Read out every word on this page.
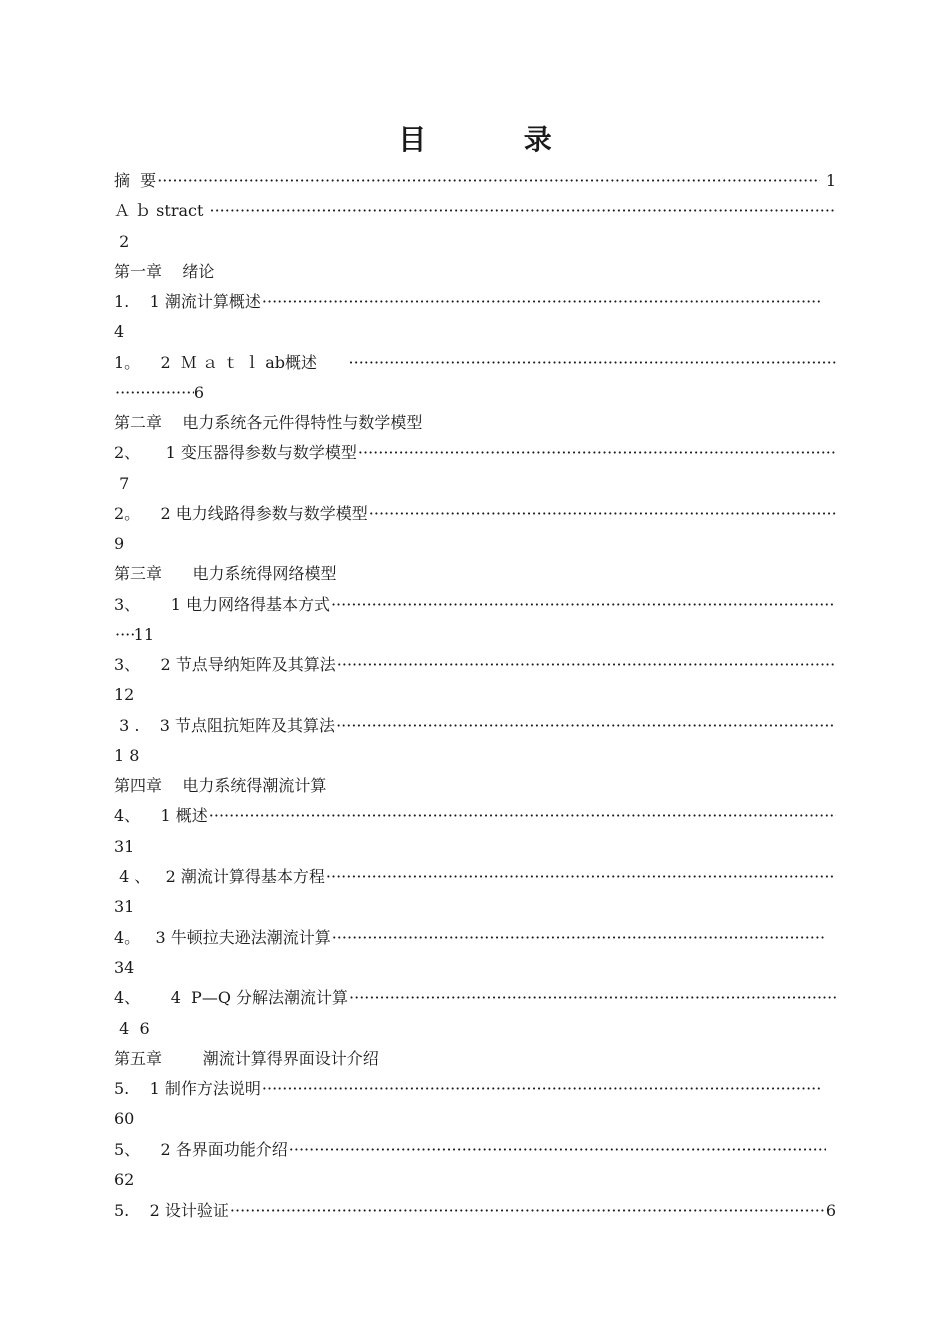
目          录
摘  要 ·····	1
Ａ ｂ stract
·····
2
第一章    绪论
1.    1 潮流计算概述
·····
4
1。    2  Ｍ ａ ｔ ｌ ab概述
·····
·····
6
第二章    电力系统各元件得特性与数学模型
2、     1 变压器得参数与数学模型
·····
7
2。    2 电力线路得参数与数学模型
·····
9
第三章      电力系统得网络模型
3、      1 电力网络得基本方式
·····
·····
11
3、    2 节点导纳矩阵及其算法
·····
12
3 .    3 节点阻抗矩阵及其算法
·····
1 8
第四章    电力系统得潮流计算
4、    1 概述
·····
31
4 、   2 潮流计算得基本方程
·····
31
4。   3 牛顿拉夫逊法潮流计算
·····
34
4、      4  P—Q 分解法潮流计算
·····
4  6
第五章        潮流计算得界面设计介绍
5.    1 制作方法说明
·····
60
5、    2 各界面功能介绍
·····
62
5.    2 设计验证 ·····	6
